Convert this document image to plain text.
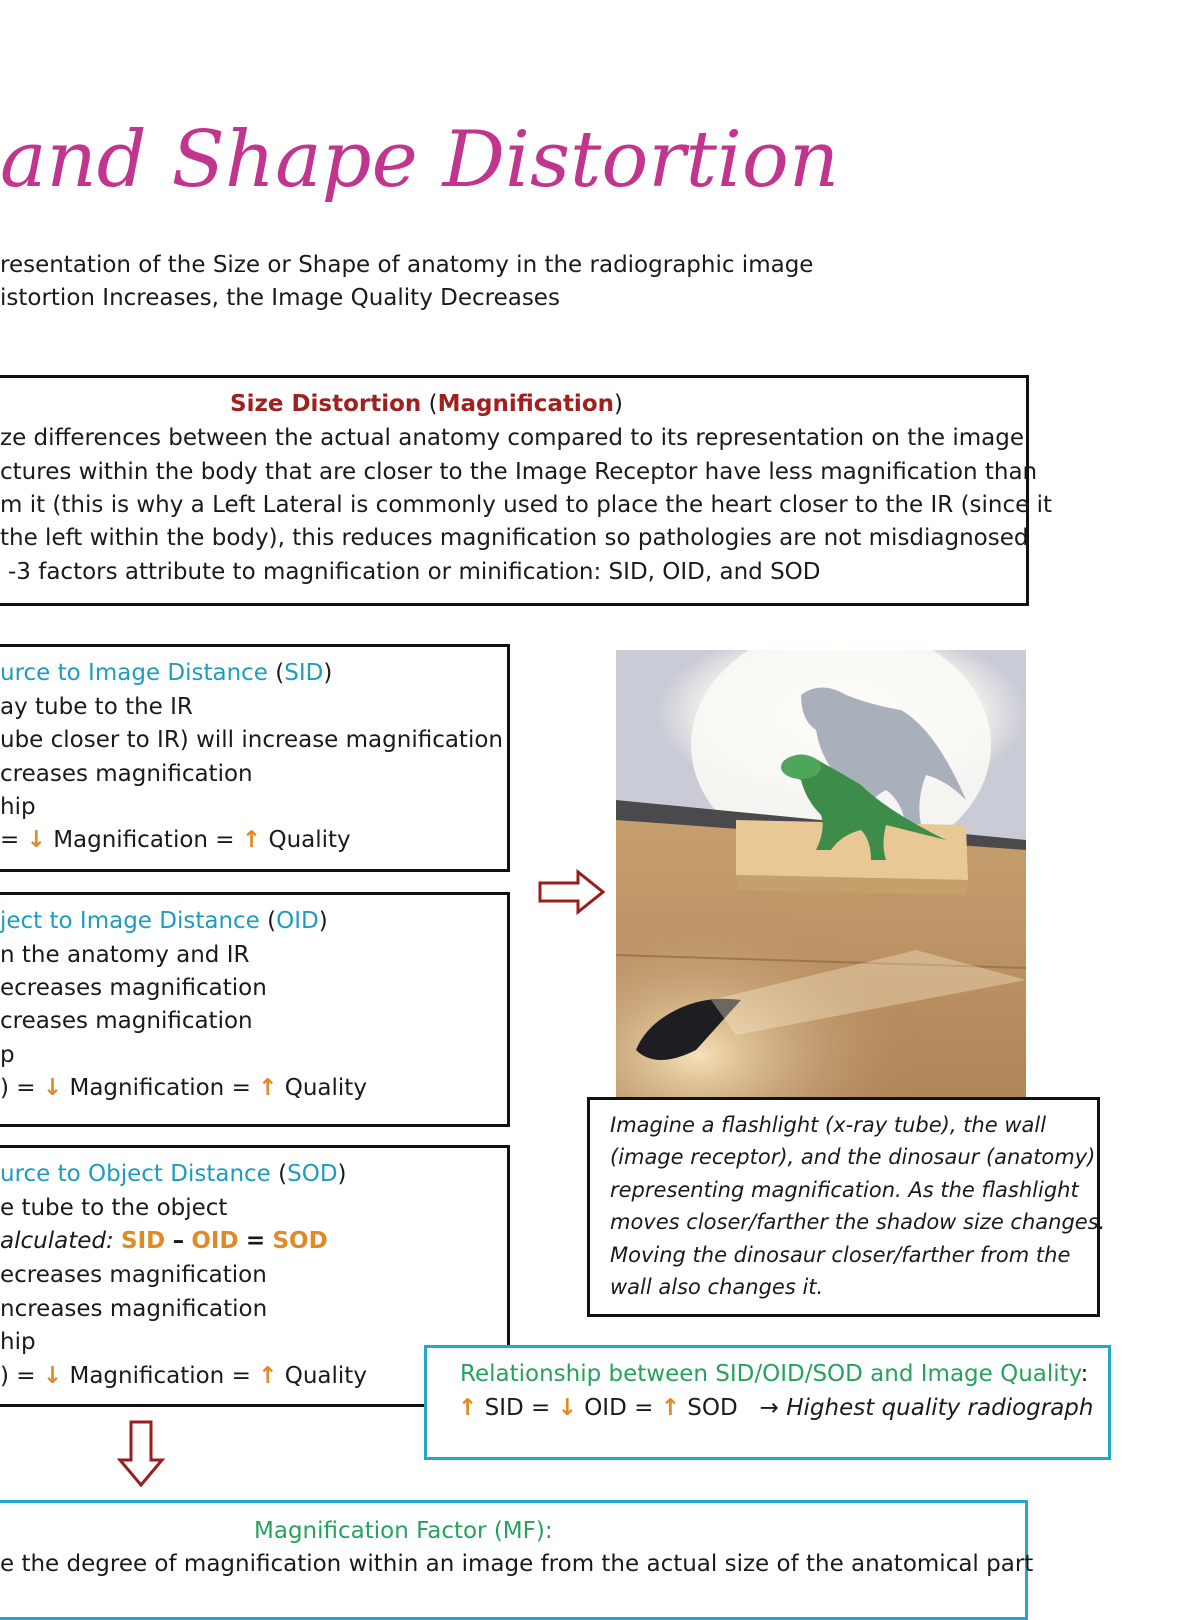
and Shape Distortion
resentation of the Size or Shape of anatomy in the radiographic image
istortion Increases, the Image Quality Decreases
Size Distortion (Magnification)
ze differences between the actual anatomy compared to its representation on the image
ctures within the body that are closer to the Image Receptor have less magnification than
m it (this is why a Left Lateral is commonly used to place the heart closer to the IR (since it
the left within the body), this reduces magnification so pathologies are not misdiagnosed
-3 factors attribute to magnification or minification: SID, OID, and SOD
urce to Image Distance (SID)
ay tube to the IR
ube closer to IR) will increase magnification
creases magnification
hip
= ↓ Magnification = ↑ Quality
ject to Image Distance (OID)
n the anatomy and IR
ecreases magnification
creases magnification
p
) = ↓ Magnification = ↑ Quality
urce to Object Distance (SOD)
e tube to the object
alculated: SID – OID = SOD
ecreases magnification
ncreases magnification
hip
) = ↓ Magnification = ↑ Quality
Imagine a flashlight (x-ray tube), the wall
(image receptor), and the dinosaur (anatomy)
representing magnification. As the flashlight
moves closer/farther the shadow size changes.
Moving the dinosaur closer/farther from the
wall also changes it.
Relationship between SID/OID/SOD and Image Quality:
↑ SID = ↓ OID = ↑ SOD → Highest quality radiograph
Magnification Factor (MF):
e the degree of magnification within an image from the actual size of the anatomical part
